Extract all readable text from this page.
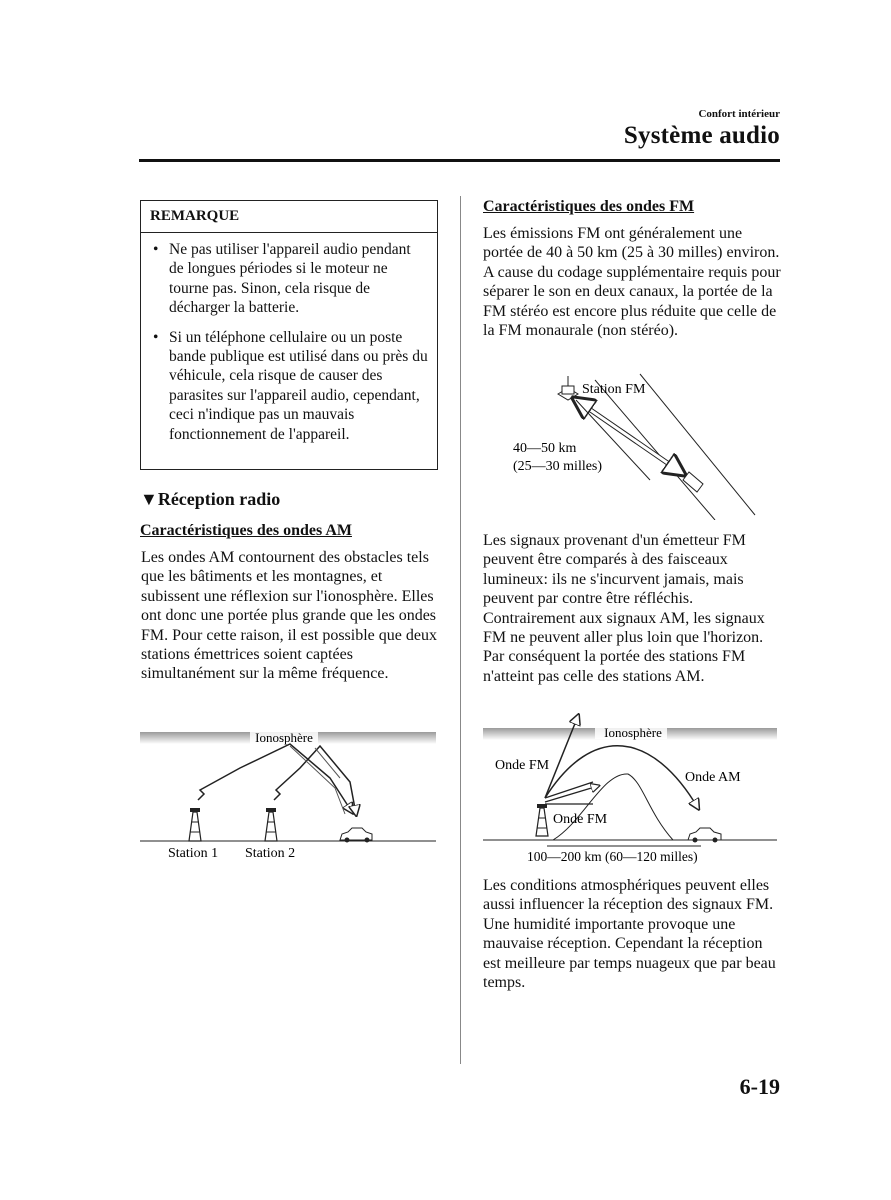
Confort intérieur
Système audio
REMARQUE
• Ne pas utiliser l'appareil audio pendant de longues périodes si le moteur ne tourne pas. Sinon, cela risque de décharger la batterie.
• Si un téléphone cellulaire ou un poste bande publique est utilisé dans ou près du véhicule, cela risque de causer des parasites sur l'appareil audio, cependant, ceci n'indique pas un mauvais fonctionnement de l'appareil.
▼Réception radio
Caractéristiques des ondes AM
Les ondes AM contournent des obstacles tels que les bâtiments et les montagnes, et subissent une réflexion sur l'ionosphère. Elles ont donc une portée plus grande que les ondes FM. Pour cette raison, il est possible que deux stations émettrices soient captées simultanément sur la même fréquence.
Ionosphère
Station 1 Station 2
Caractéristiques des ondes FM
Les émissions FM ont généralement une portée de 40 à 50 km (25 à 30 milles) environ. A cause du codage supplémentaire requis pour séparer le son en deux canaux, la portée de la FM stéréo est encore plus réduite que celle de la FM monaurale (non stéréo).
Station FM
40—50 km
(25—30 milles)
Les signaux provenant d'un émetteur FM peuvent être comparés à des faisceaux lumineux: ils ne s'incurvent jamais, mais peuvent par contre être réfléchis. Contrairement aux signaux AM, les signaux FM ne peuvent aller plus loin que l'horizon. Par conséquent la portée des stations FM n'atteint pas celle des stations AM.
Ionosphère
Onde FM
Onde AM
Onde FM
100—200 km (60—120 milles)
Les conditions atmosphériques peuvent elles aussi influencer la réception des signaux FM. Une humidité importante provoque une mauvaise réception. Cependant la réception est meilleure par temps nuageux que par beau temps.
6-19
